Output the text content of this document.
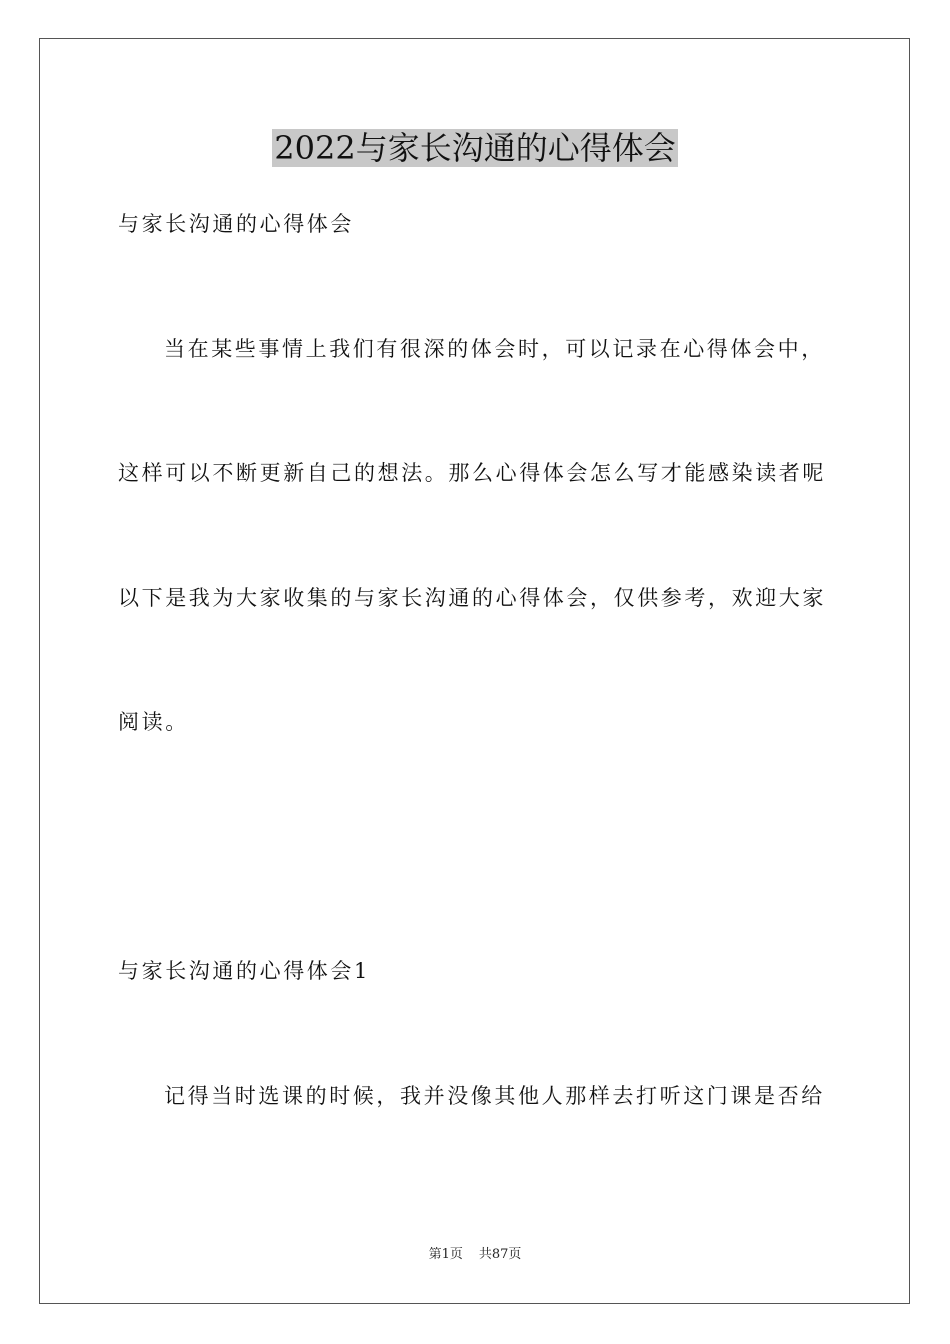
2022与家长沟通的心得体会
与家长沟通的心得体会
当在某些事情上我们有很深的体会时，可以记录在心得体会中，
这样可以不断更新自己的想法。那么心得体会怎么写才能感染读者呢
以下是我为大家收集的与家长沟通的心得体会，仅供参考，欢迎大家
阅读。
与家长沟通的心得体会1
记得当时选课的时候，我并没像其他人那样去打听这门课是否给
第1页 共87页
